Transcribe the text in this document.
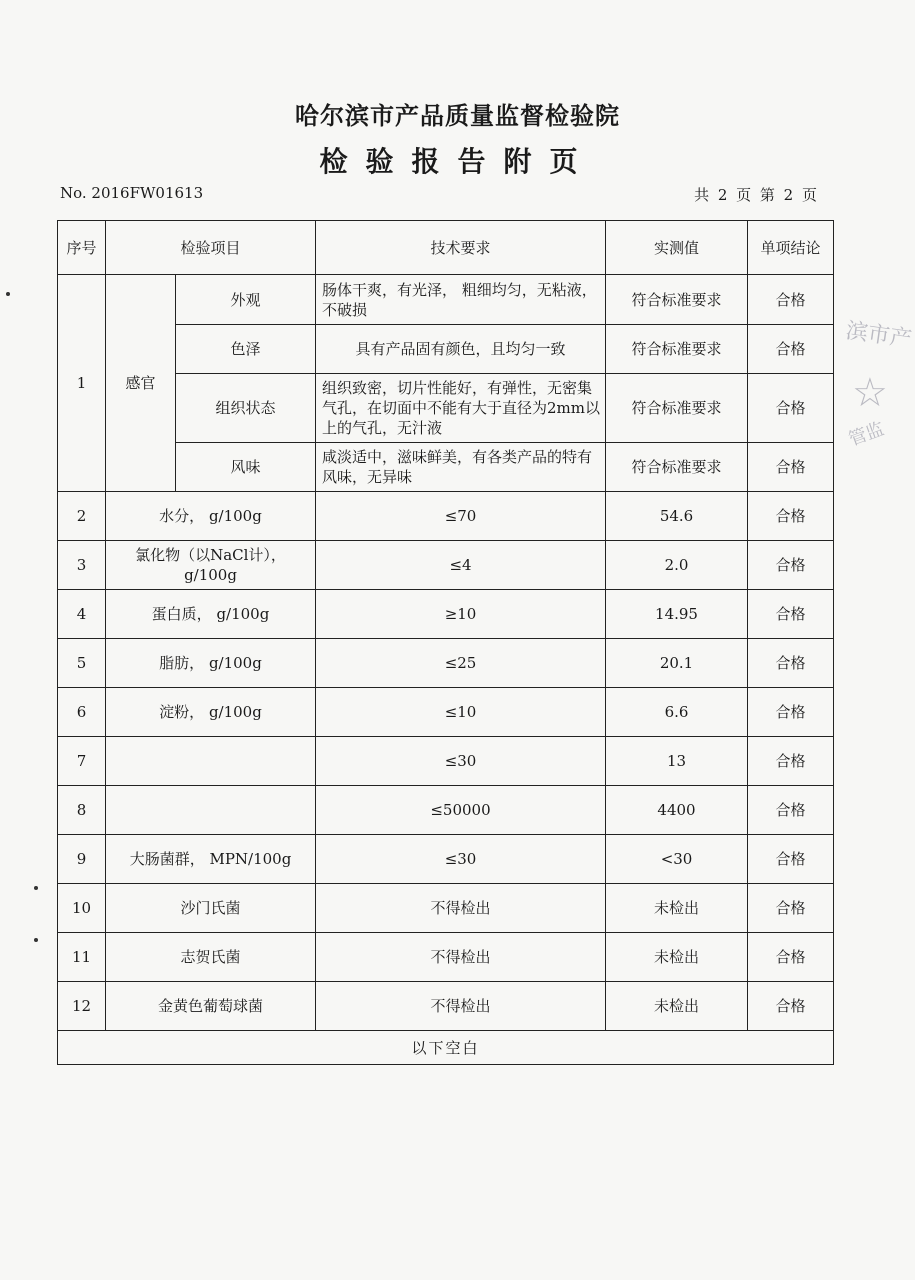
哈尔滨市产品质量监督检验院
检验报告附页
No. 2016FW01613	共 2 页 第 2 页
序号	检验项目		技术要求	实测值	单项结论
1	感官	外观	肠体干爽，有光泽， 粗细均匀，无粘液，不破损	符合标准要求	合格
		色泽	具有产品固有颜色，且均匀一致	符合标准要求	合格
		组织状态	组织致密，切片性能好，有弹性，无密集气孔，在切面中不能有大于直径为2mm以上的气孔，无汁液	符合标准要求	合格
		风味	咸淡适中，滋味鲜美，有各类产品的特有风味，无异味	符合标准要求	合格
2	水分， g/100g		≤70	54.6	合格
3	氯化物（以NaCl计），g/100g		≤4	2.0	合格
4	蛋白质， g/100g		≥10	14.95	合格
5	脂肪， g/100g		≤25	20.1	合格
6	淀粉， g/100g		≤10	6.6	合格
7			≤30	13	合格
8			≤50000	4400	合格
9	大肠菌群， MPN/100g		≤30	<30	合格
10	沙门氏菌		不得检出	未检出	合格
11	志贺氏菌		不得检出	未检出	合格
12	金黄色葡萄球菌		不得检出	未检出	合格
以下空白					
滨市产
☆
管监
